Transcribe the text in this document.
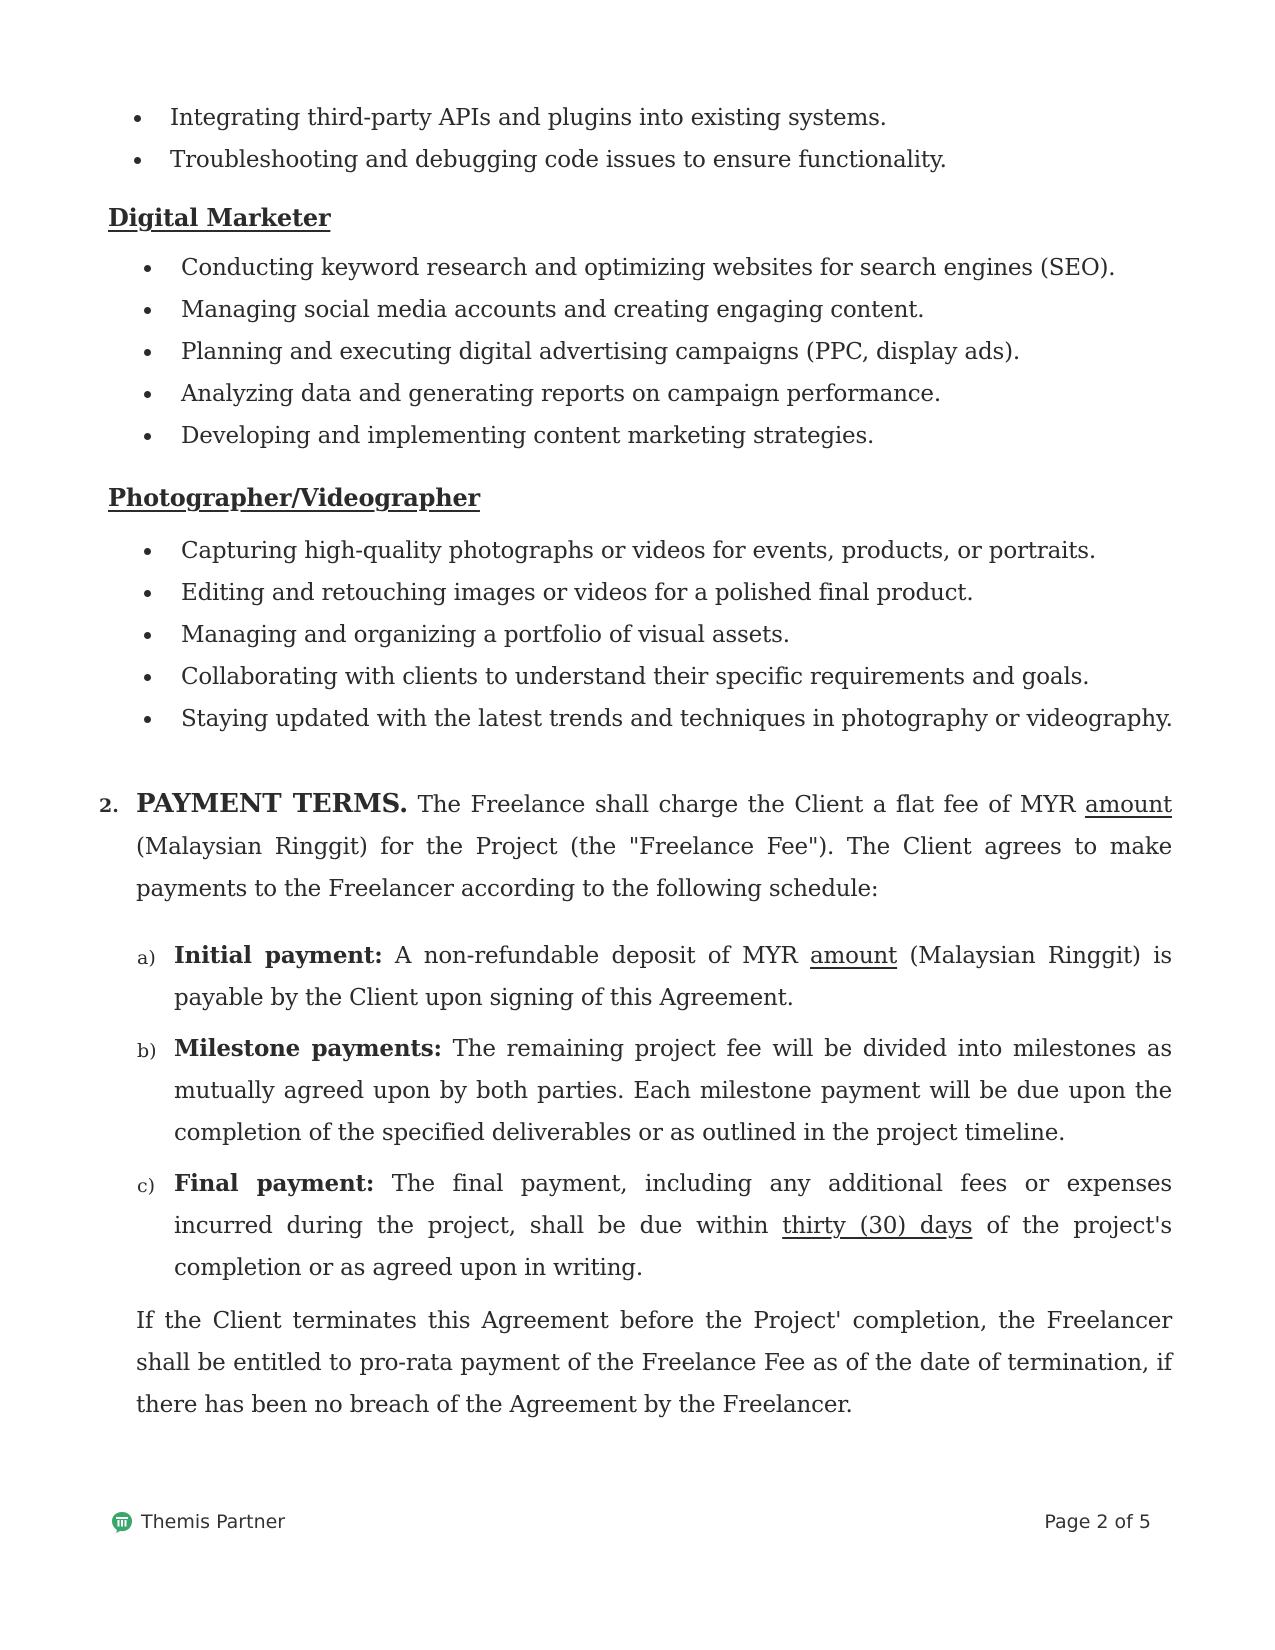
Integrating third-party APIs and plugins into existing systems.
Troubleshooting and debugging code issues to ensure functionality.
Digital Marketer
Conducting keyword research and optimizing websites for search engines (SEO).
Managing social media accounts and creating engaging content.
Planning and executing digital advertising campaigns (PPC, display ads).
Analyzing data and generating reports on campaign performance.
Developing and implementing content marketing strategies.
Photographer/Videographer
Capturing high-quality photographs or videos for events, products, or portraits.
Editing and retouching images or videos for a polished final product.
Managing and organizing a portfolio of visual assets.
Collaborating with clients to understand their specific requirements and goals.
Staying updated with the latest trends and techniques in photography or videography.
2. PAYMENT TERMS. The Freelance shall charge the Client a flat fee of MYR amount (Malaysian Ringgit) for the Project (the "Freelance Fee"). The Client agrees to make payments to the Freelancer according to the following schedule:
a) Initial payment: A non-refundable deposit of MYR amount (Malaysian Ringgit) is payable by the Client upon signing of this Agreement.
b) Milestone payments: The remaining project fee will be divided into milestones as mutually agreed upon by both parties. Each milestone payment will be due upon the completion of the specified deliverables or as outlined in the project timeline.
c) Final payment: The final payment, including any additional fees or expenses incurred during the project, shall be due within thirty (30) days of the project's completion or as agreed upon in writing.
If the Client terminates this Agreement before the Project' completion, the Freelancer shall be entitled to pro-rata payment of the Freelance Fee as of the date of termination, if there has been no breach of the Agreement by the Freelancer.
Themis Partner	Page 2 of 5
